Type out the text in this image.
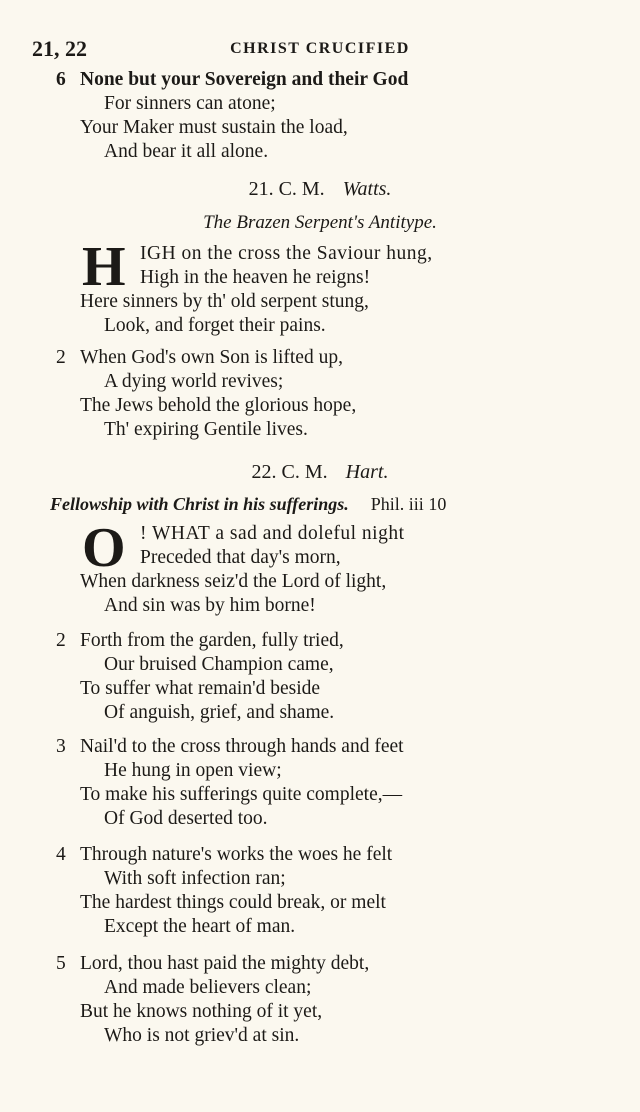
21, 22	CHRIST CRUCIFIED
6 None but your Sovereign and their God
For sinners can atone;
Your Maker must sustain the load,
And bear it all alone.
21. C. M. Watts.
The Brazen Serpent's Antitype.
H IGH on the cross the Saviour hung,
High in the heaven he reigns!
Here sinners by th' old serpent stung,
Look, and forget their pains.
2 When God's own Son is lifted up,
A dying world revives;
The Jews behold the glorious hope,
Th' expiring Gentile lives.
22. C. M. Hart.
Fellowship with Christ in his sufferings. Phil. iii 10
O ! WHAT a sad and doleful night
Preceded that day's morn,
When darkness seiz'd the Lord of light,
And sin was by him borne!
2 Forth from the garden, fully tried,
Our bruised Champion came,
To suffer what remain'd beside
Of anguish, grief, and shame.
3 Nail'd to the cross through hands and feet
He hung in open view;
To make his sufferings quite complete,—
Of God deserted too.
4 Through nature's works the woes he felt
With soft infection ran;
The hardest things could break, or melt
Except the heart of man.
5 Lord, thou hast paid the mighty debt,
And made believers clean;
But he knows nothing of it yet,
Who is not griev'd at sin.
